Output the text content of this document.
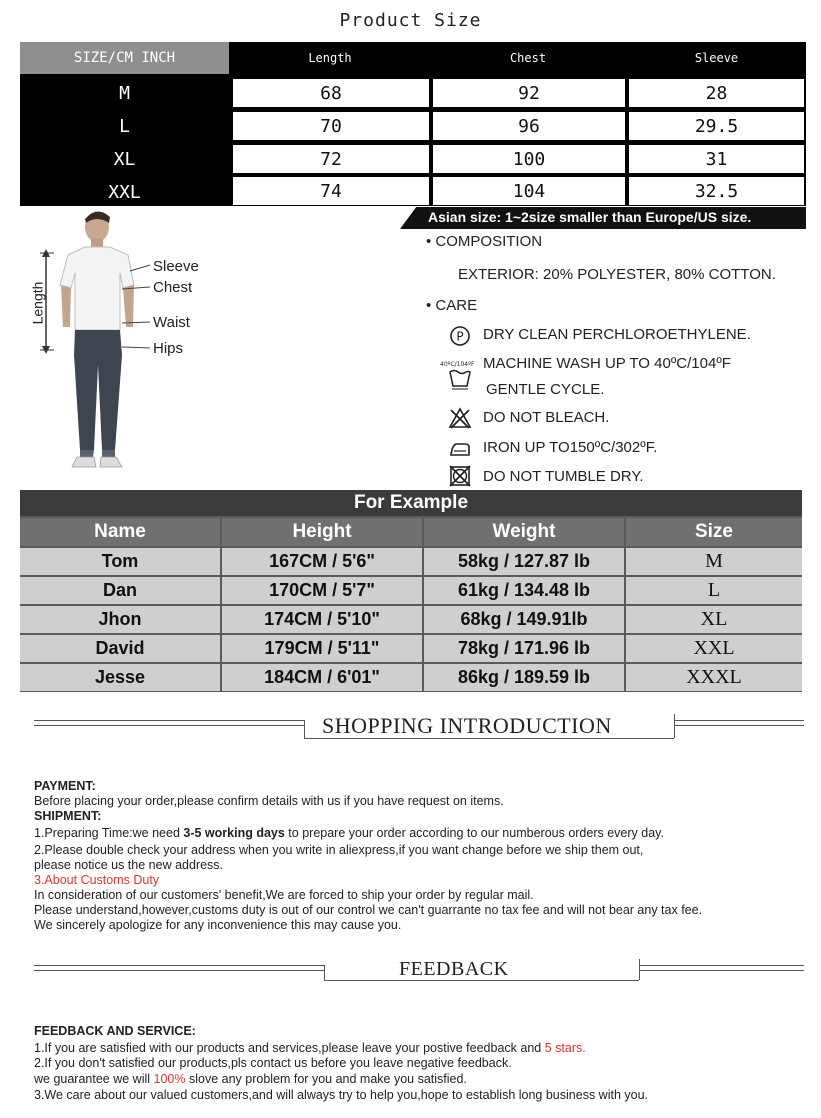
Product Size
SIZE/CM INCH	Length	Chest	Sleeve
M	68	92	28
L	70	96	29.5
XL	72	100	31
XXL	74	104	32.5
Asian size: 1~2size smaller than Europe/US size.
Sleeve
Chest
Waist
Hips
Length
• COMPOSITION
EXTERIOR: 20% POLYESTER, 80% COTTON.
• CARE
P DRY CLEAN PERCHLOROETHYLENE.
40ºC/104ºF MACHINE WASH UP TO 40ºC/104ºF
GENTLE CYCLE.
DO NOT BLEACH.
IRON UP TO150ºC/302ºF.
DO NOT TUMBLE DRY.
For Example
Name	Height	Weight	Size
Tom	167CM / 5'6"	58kg / 127.87 lb	M
Dan	170CM / 5'7"	61kg / 134.48 lb	L
Jhon	174CM / 5'10"	68kg / 149.91lb	XL
David	179CM / 5'11"	78kg / 171.96 lb	XXL
Jesse	184CM / 6'01"	86kg / 189.59 lb	XXXL
SHOPPING INTRODUCTION
PAYMENT:
Before placing your order,please confirm details with us if you have request on items.
SHIPMENT:
1.Preparing Time:we need 3-5 working days to prepare your order according to our numberous orders every day.
2.Please double check your address when you write in aliexpress,if you want change before we ship them out,
please notice us the new address.
3.About Customs Duty
In consideration of our customers' benefit,We are forced to ship your order by regular mail.
Please understand,however,customs duty is out of our control we can't guarrante no tax fee and will not bear any tax fee.
We sincerely apologize for any inconvenience this may cause you.
FEEDBACK
FEEDBACK AND SERVICE:
1.If you are satisfied with our products and services,please leave your postive feedback and 5 stars.
2.If you don't satisfied our products,pls contact us before you leave negative feedback.
we guarantee we will 100% slove any problem for you and make you satisfied.
3.We care about our valued customers,and will always try to help you,hope to establish long business with you.
